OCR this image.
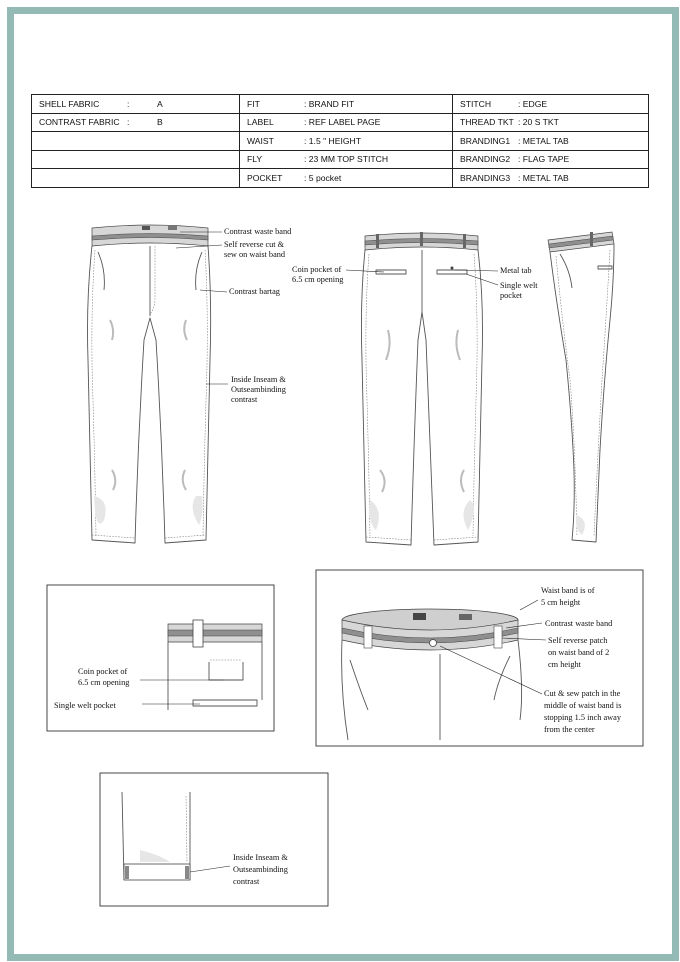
SHELL FABRIC : A	FIT : BRAND FIT	STITCH : EDGE
CONTRAST FABRIC : B	LABEL : REF LABEL PAGE	THREAD TKT : 20 S TKT
	WAIST : 1.5 " HEIGHT	BRANDING1 : METAL TAB
	FLY : 23 MM TOP STITCH	BRANDING2 : FLAG TAPE
	POCKET : 5 pocket	BRANDING3 : METAL TAB
Contrast waste band
Self reverse cut &
sew on waist band
Contrast bartag
Inside Inseam &
Outseambinding
contrast
Coin pocket of
6.5 cm opening
Metal tab
Single welt
pocket
Coin pocket of
6.5 cm opening
Single welt pocket
Waist band is of
5 cm height
Contrast waste band
Self reverse patch
on waist band of 2
cm height
Cut & sew patch in the
middle of waist band is
stopping 1.5 inch away
from the center
Inside Inseam &
Outseambinding
contrast
